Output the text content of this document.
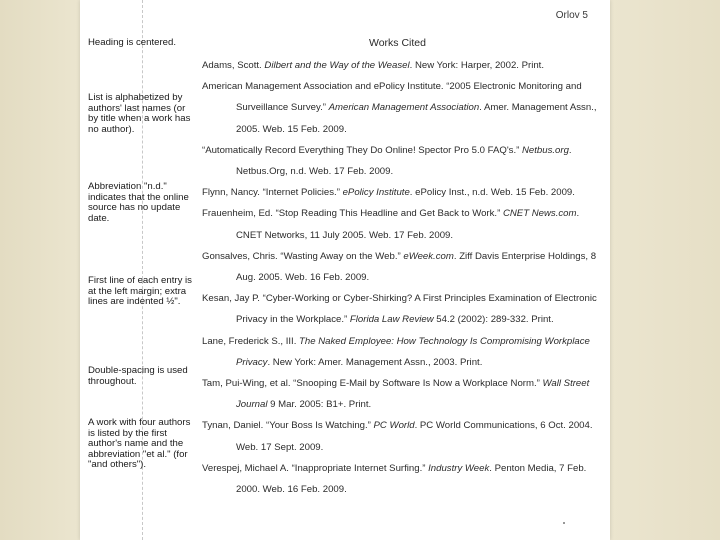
Orlov 5
Works Cited
Heading is centered.
List is alphabetized by authors' last names (or by title when a work has no author).
Abbreviation "n.d." indicates that the online source has no update date.
First line of each entry is at the left margin; extra lines are indented ½".
Double-spacing is used throughout.
A work with four authors is listed by the first author's name and the abbreviation "et al." (for "and others").
Adams, Scott. Dilbert and the Way of the Weasel. New York: Harper, 2002. Print.
American Management Association and ePolicy Institute. “2005 Electronic Monitoring and Surveillance Survey.” American Management Association. Amer. Management Assn., 2005. Web. 15 Feb. 2009.
“Automatically Record Everything They Do Online! Spector Pro 5.0 FAQ's.” Netbus.org. Netbus.Org, n.d. Web. 17 Feb. 2009.
Flynn, Nancy. “Internet Policies.” ePolicy Institute. ePolicy Inst., n.d. Web. 15 Feb. 2009.
Frauenheim, Ed. “Stop Reading This Headline and Get Back to Work.” CNET News.com. CNET Networks, 11 July 2005. Web. 17 Feb. 2009.
Gonsalves, Chris. “Wasting Away on the Web.” eWeek.com. Ziff Davis Enterprise Holdings, 8 Aug. 2005. Web. 16 Feb. 2009.
Kesan, Jay P. “Cyber-Working or Cyber-Shirking? A First Principles Examination of Electronic Privacy in the Workplace.” Florida Law Review 54.2 (2002): 289-332. Print.
Lane, Frederick S., III. The Naked Employee: How Technology Is Compromising Workplace Privacy. New York: Amer. Management Assn., 2003. Print.
Tam, Pui-Wing, et al. “Snooping E-Mail by Software Is Now a Workplace Norm.” Wall Street Journal 9 Mar. 2005: B1+. Print.
Tynan, Daniel. “Your Boss Is Watching.” PC World. PC World Communications, 6 Oct. 2004. Web. 17 Sept. 2009.
Verespej, Michael A. “Inappropriate Internet Surfing.” Industry Week. Penton Media, 7 Feb. 2000. Web. 16 Feb. 2009.
